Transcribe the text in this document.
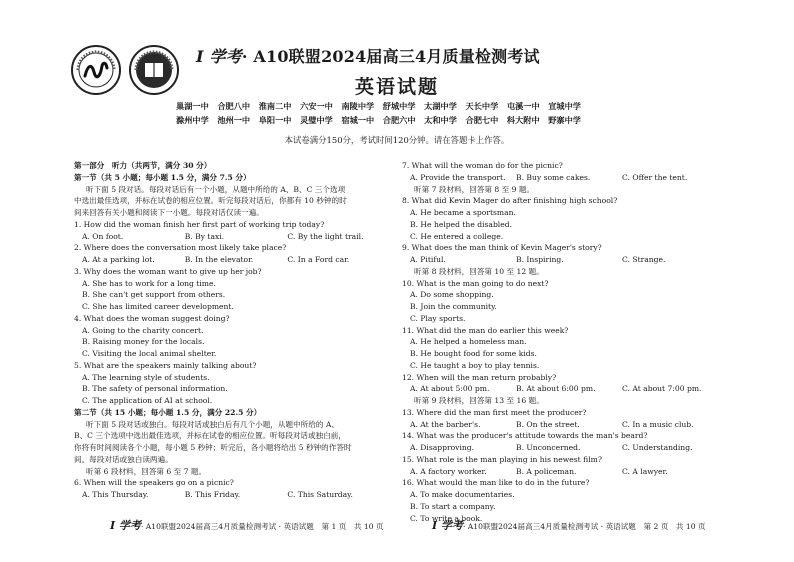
I 学考· A10联盟2024届高三4月质量检测考试
英语试题
巢湖一中 合肥八中 淮南二中 六安一中 南陵中学 舒城中学 太湖中学 天长中学 屯溪一中 宣城中学
滁州中学 池州一中 阜阳一中 灵璧中学 宿城一中 合肥六中 太和中学 合肥七中 科大附中 野寨中学
本试卷满分150分，考试时间120分钟。请在答题卡上作答。
第一部分　听力（共两节，满分 30 分）
第一节（共 5 小题；每小题 1.5 分，满分 7.5 分）
听下面 5 段对话。每段对话后有一个小题，从题中所给的 A、B、C 三个选项
中选出最佳选项，并标在试卷的相应位置。听完每段对话后，你都有 10 秒钟的时
间来回答有关小题和阅读下一小题。每段对话仅读一遍。
1. How did the woman finish her first part of working trip today?
A. On foot.	B. By taxi.	C. By the light trail.
2. Where does the conversation most likely take place?
A. At a parking lot.	B. In the elevator.	C. In a Ford car.
3. Why does the woman want to give up her job?
A. She has to work for a long time.
B. She can't get support from others.
C. She has limited career development.
4. What does the woman suggest doing?
A. Going to the charity concert.
B. Raising money for the locals.
C. Visiting the local animal shelter.
5. What are the speakers mainly talking about?
A. The learning style of students.
B. The safety of personal information.
C. The application of AI at school.
第二节（共 15 小题；每小题 1.5 分，满分 22.5 分）
听下面 5 段对话或独白。每段对话或独白后有几个小题，从题中所给的 A、
B、C 三个选项中选出最佳选项，并标在试卷的相应位置。听每段对话或独白前，
你将有时间阅读各个小题，每小题 5 秒钟；听完后，各小题将给出 5 秒钟的作答时
间。每段对话或独白读两遍。
听第 6 段材料，回答第 6 至 7 题。
6. When will the speakers go on a picnic?
A. This Thursday.	B. This Friday.	C. This Saturday.
7. What will the woman do for the picnic?
A. Provide the transport.	B. Buy some cakes.	C. Offer the tent.
听第 7 段材料，回答第 8 至 9 题。
8. What did Kevin Mager do after finishing high school?
A. He became a sportsman.
B. He helped the disabled.
C. He entered a college.
9. What does the man think of Kevin Mager's story?
A. Pitiful.	B. Inspiring.	C. Strange.
听第 8 段材料，回答第 10 至 12 题。
10. What is the man going to do next?
A. Do some shopping.
B. Join the community.
C. Play sports.
11. What did the man do earlier this week?
A. He helped a homeless man.
B. He bought food for some kids.
C. He taught a boy to play tennis.
12. When will the man return probably?
A. At about 5:00 pm.	B. At about 6:00 pm.	C. At about 7:00 pm.
听第 9 段材料，回答第 13 至 16 题。
13. Where did the man first meet the producer?
A. At the barber's.	B. On the street.	C. In a music club.
14. What was the producer's attitude towards the man's beard?
A. Disapproving.	B. Unconcerned.	C. Understanding.
15. What role is the man playing in his newest film?
A. A factory worker.	B. A policeman.	C. A lawyer.
16. What would the man like to do in the future?
A. To make documentaries.
B. To start a company.
C. To write a book.
I 学考· A10联盟2024届高三4月质量检测考试 · 英语试题　第 1 页　共 10 页	I 学考· A10联盟2024届高三4月质量检测考试 · 英语试题　第 2 页　共 10 页
